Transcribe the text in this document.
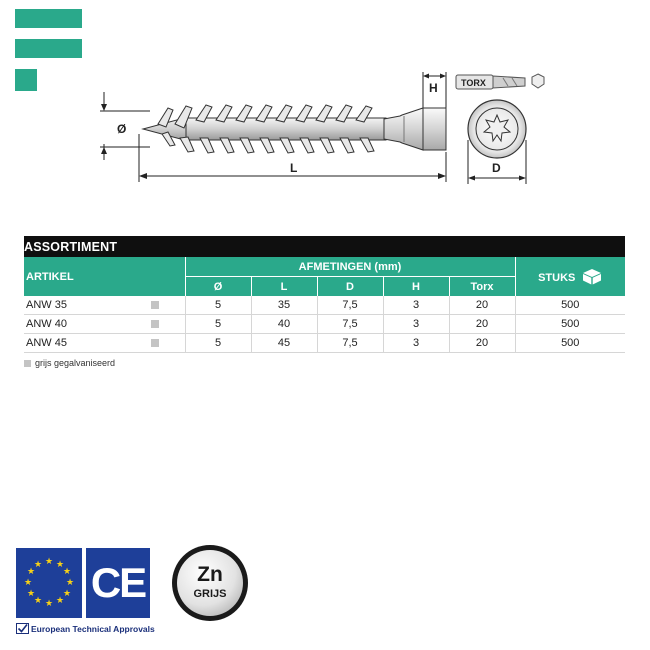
Ø
L
H
D
TORX
ASSORTIMENT							
ARTIKEL		AFMETINGEN (mm)					STUKS
		Ø	L	D	H	Torx	
ANW 35		5	35	7,5	3	20	500
ANW 40		5	40	7,5	3	20	500
ANW 45		5	45	7,5	3	20	500
grijs gegalvaniseerd
★ ★
★
★
★
★
★
★
★
★
★
★ CE	Zn
GRIJS
European Technical Approvals
